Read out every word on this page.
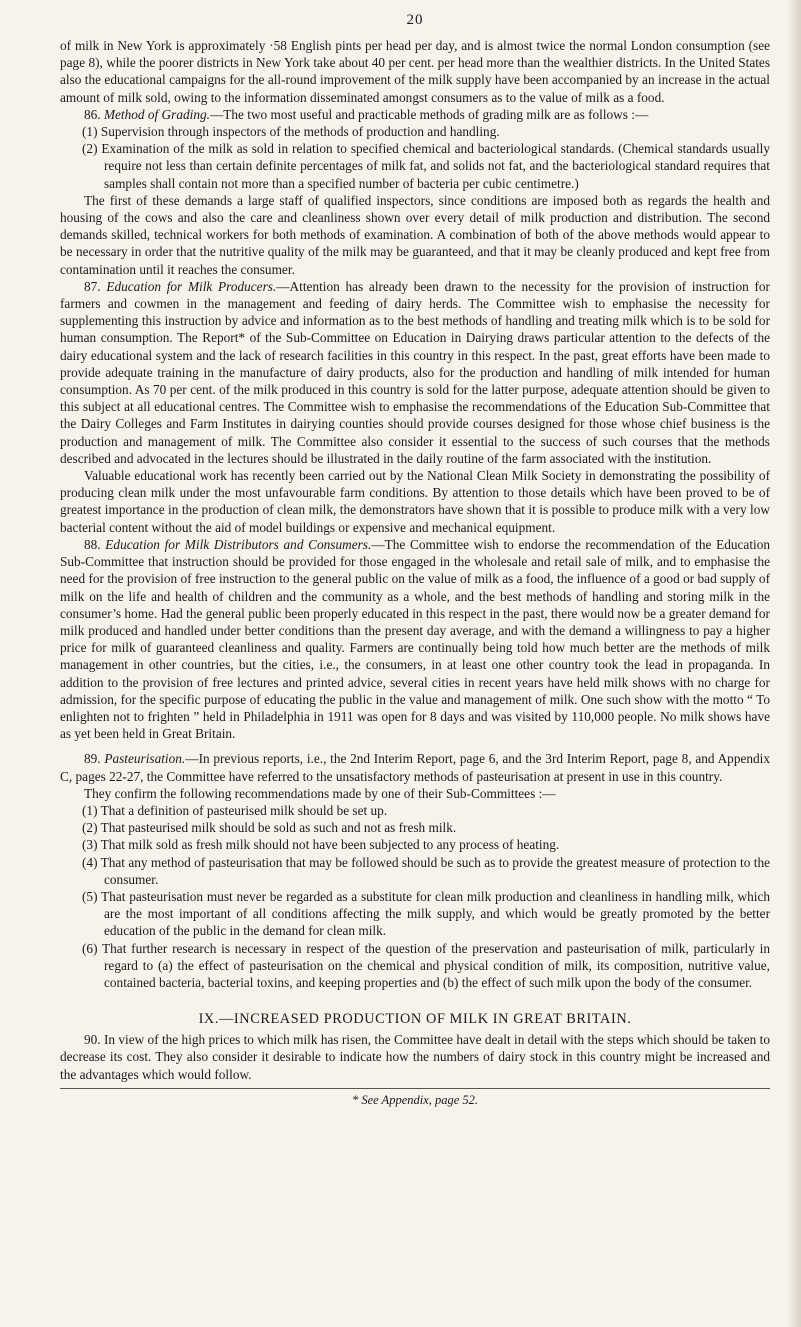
20

of milk in New York is approximately ·58 English pints per head per day, and is almost twice the normal London consumption (see page 8), while the poorer districts in New York take about 40 per cent. per head more than the wealthier districts. In the United States also the educational campaigns for the all-round improvement of the milk supply have been accompanied by an increase in the actual amount of milk sold, owing to the information disseminated amongst consumers as to the value of milk as a food.

86. Method of Grading.—The two most useful and practicable methods of grading milk are as follows :—

(1) Supervision through inspectors of the methods of production and handling.
(2) Examination of the milk as sold in relation to specified chemical and bacteriological standards. (Chemical standards usually require not less than certain definite percentages of milk fat, and solids not fat, and the bacteriological standard requires that samples shall contain not more than a specified number of bacteria per cubic centimetre.)

The first of these demands a large staff of qualified inspectors, since conditions are imposed both as regards the health and housing of the cows and also the care and cleanliness shown over every detail of milk production and distribution. The second demands skilled, technical workers for both methods of examination. A combination of both of the above methods would appear to be necessary in order that the nutritive quality of the milk may be guaranteed, and that it may be cleanly produced and kept free from contamination until it reaches the consumer.

87. Education for Milk Producers.—Attention has already been drawn to the necessity for the provision of instruction for farmers and cowmen in the management and feeding of dairy herds. The Committee wish to emphasise the necessity for supplementing this instruction by advice and information as to the best methods of handling and treating milk which is to be sold for human consumption. The Report* of the Sub-Committee on Education in Dairying draws particular attention to the defects of the dairy educational system and the lack of research facilities in this country in this respect. In the past, great efforts have been made to provide adequate training in the manufacture of dairy products, also for the production and handling of milk intended for human consumption. As 70 per cent. of the milk produced in this country is sold for the latter purpose, adequate attention should be given to this subject at all educational centres. The Committee wish to emphasise the recommendations of the Education Sub-Committee that the Dairy Colleges and Farm Institutes in dairying counties should provide courses designed for those whose chief business is the production and management of milk. The Committee also consider it essential to the success of such courses that the methods described and advocated in the lectures should be illustrated in the daily routine of the farm associated with the institution.

Valuable educational work has recently been carried out by the National Clean Milk Society in demonstrating the possibility of producing clean milk under the most unfavourable farm conditions. By attention to those details which have been proved to be of greatest importance in the production of clean milk, the demonstrators have shown that it is possible to produce milk with a very low bacterial content without the aid of model buildings or expensive and mechanical equipment.

88. Education for Milk Distributors and Consumers.—The Committee wish to endorse the recommendation of the Education Sub-Committee that instruction should be provided for those engaged in the wholesale and retail sale of milk, and to emphasise the need for the provision of free instruction to the general public on the value of milk as a food, the influence of a good or bad supply of milk on the life and health of children and the community as a whole, and the best methods of handling and storing milk in the consumer’s home. Had the general public been properly educated in this respect in the past, there would now be a greater demand for milk produced and handled under better conditions than the present day average, and with the demand a willingness to pay a higher price for milk of guaranteed cleanliness and quality. Farmers are continually being told how much better are the methods of milk management in other countries, but the cities, i.e., the consumers, in at least one other country took the lead in propaganda. In addition to the provision of free lectures and printed advice, several cities in recent years have held milk shows with no charge for admission, for the specific purpose of educating the public in the value and management of milk. One such show with the motto “ To enlighten not to frighten ” held in Philadelphia in 1911 was open for 8 days and was visited by 110,000 people. No milk shows have as yet been held in Great Britain.

89. Pasteurisation.—In previous reports, i.e., the 2nd Interim Report, page 6, and the 3rd Interim Report, page 8, and Appendix C, pages 22-27, the Committee have referred to the unsatisfactory methods of pasteurisation at present in use in this country.

They confirm the following recommendations made by one of their Sub-Committees :—

(1) That a definition of pasteurised milk should be set up.
(2) That pasteurised milk should be sold as such and not as fresh milk.
(3) That milk sold as fresh milk should not have been subjected to any process of heating.
(4) That any method of pasteurisation that may be followed should be such as to provide the greatest measure of protection to the consumer.
(5) That pasteurisation must never be regarded as a substitute for clean milk production and cleanliness in handling milk, which are the most important of all conditions affecting the milk supply, and which would be greatly promoted by the better education of the public in the demand for clean milk.
(6) That further research is necessary in respect of the question of the preservation and pasteurisation of milk, particularly in regard to (a) the effect of pasteurisation on the chemical and physical condition of milk, its composition, nutritive value, contained bacteria, bacterial toxins, and keeping properties and (b) the effect of such milk upon the body of the consumer.
IX.—INCREASED PRODUCTION OF MILK IN GREAT BRITAIN.

90. In view of the high prices to which milk has risen, the Committee have dealt in detail with the steps which should be taken to decrease its cost. They also consider it desirable to indicate how the numbers of dairy stock in this country might be increased and the advantages which would follow.

* See Appendix, page 52.
